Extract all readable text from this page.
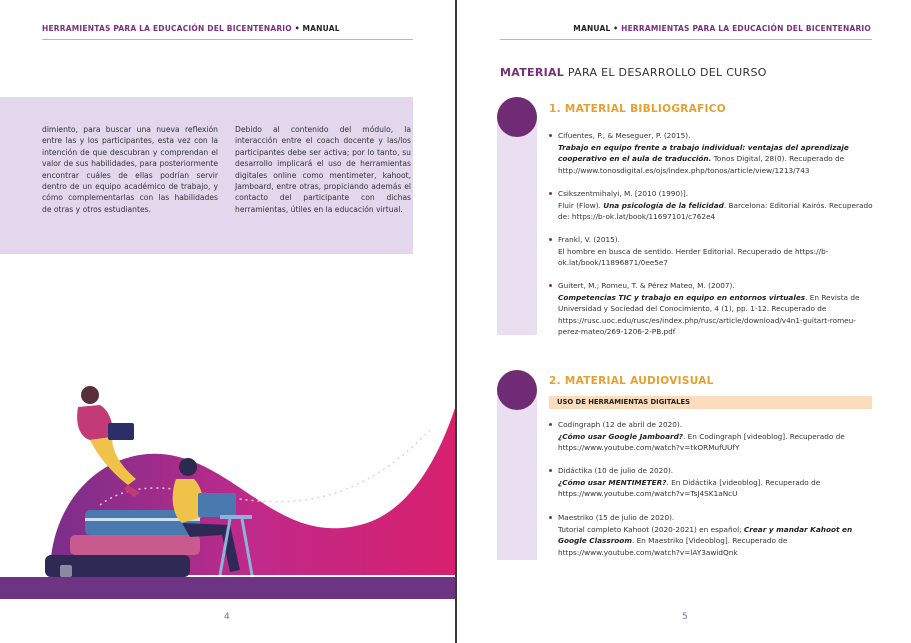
HERRAMIENTAS PARA LA EDUCACIÓN DEL BICENTENARIO • MANUAL
dimiento, para buscar una nueva reflexión entre las y los participantes, esta vez con la intención de que descubran y comprendan el valor de sus habilidades, para posteriormente encontrar cuáles de ellas podrían servir dentro de un equipo académico de trabajo, y cómo complementarlas con las habilidades de otras y otros estudiantes.
Debido al contenido del módulo, la interacción entre el coach docente y las/los participantes debe ser activa; por lo tanto, su desarrollo implicará el uso de herramientas digitales online como mentimeter, kahoot, Jamboard, entre otras, propiciando además el contacto del participante con dichas herramientas, útiles en la educación virtual.
4
MANUAL • HERRAMIENTAS PARA LA EDUCACIÓN DEL BICENTENARIO
MATERIAL PARA EL DESARROLLO DEL CURSO
1. MATERIAL BIBLIOGRAFICO
Cifuentes, P., & Meseguer, P. (2015).
Trabajo en equipo frente a trabajo individual: ventajas del aprendizaje cooperativo en el aula de traducción. Tonos Digital, 28(0). Recuperado de http://www.tonosdigital.es/ojs/index.php/tonos/article/view/1213/743
Csikszentmihalyi, M. [2010 (1990)].
Fluir (Flow). Una psicología de la felicidad. Barcelona: Editorial Kairós. Recuperado de: https://b-ok.lat/book/11697101/c762e4
Frankl, V. (2015).
El hombre en busca de sentido. Herder Editorial. Recuperado de https://b-ok.lat/book/11896871/0ee5e7
Guitert, M.; Romeu, T. & Pérez Mateo, M. (2007).
Competencias TIC y trabajo en equipo en entornos virtuales. En Revista de Universidad y Sociedad del Conocimiento, 4 (1), pp. 1-12. Recuperado de https://rusc.uoc.edu/rusc/es/index.php/rusc/article/download/v4n1-guitart-romeu-perez-mateo/269-1206-2-PB.pdf
2. MATERIAL AUDIOVISUAL
USO DE HERRAMIENTAS DIGITALES
Codingraph (12 de abril de 2020).
¿Cómo usar Google Jamboard?. En Codingraph [videoblog]. Recuperado de https://www.youtube.com/watch?v=tkORMufUUfY
Didáctika (10 de julio de 2020).
¿Cómo usar MENTIMETER?. En Didáctika [videoblog]. Recuperado de https://www.youtube.com/watch?v=TsJ4SK1aNcU
Maestriko (15 de julio de 2020).
Tutorial completo Kahoot (2020-2021) en español; Crear y mandar Kahoot en Google Classroom. En Maestriko [Videoblog]. Recuperado de https://www.youtube.com/watch?v=lAY3awidQnk
5
